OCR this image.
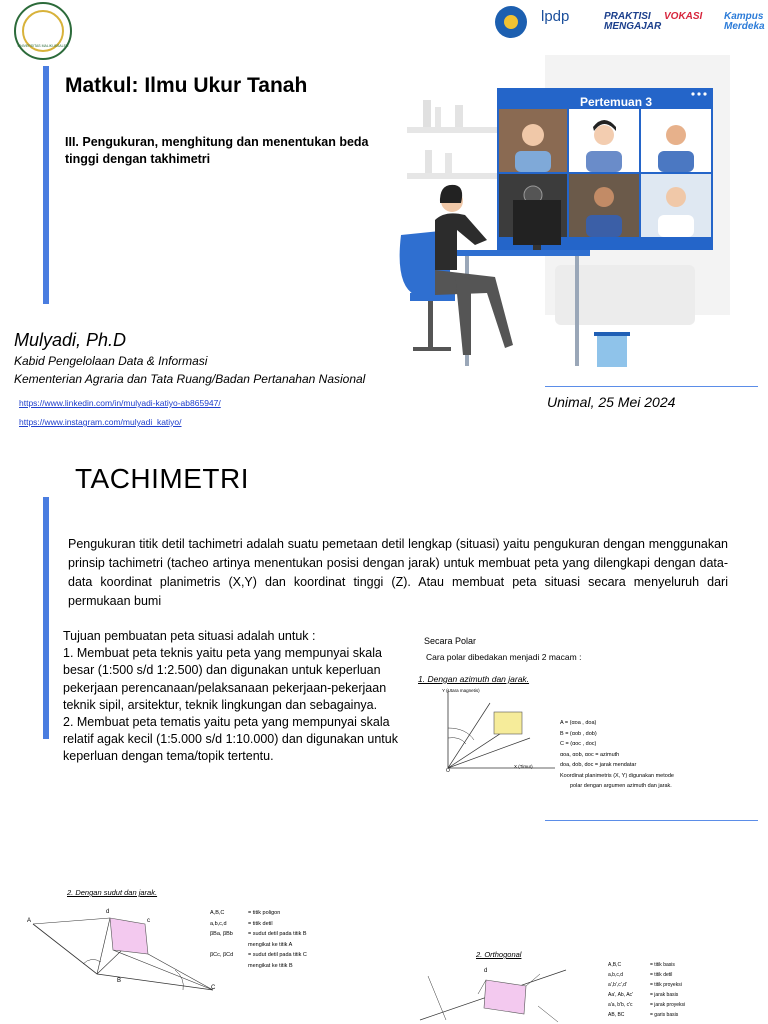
UNIVERSITAS MALIKUSSALEH
lpdp	PRAKTISI MENGAJAR
VOKASI	Kampus Merdeka
Matkul: Ilmu Ukur Tanah
III. Pengukuran, menghitung dan menentukan beda tinggi dengan takhimetri
Pertemuan 3
Mulyadi, Ph.D
Kabid Pengelolaan Data & Informasi
Kementerian Agraria dan Tata Ruang/Badan Pertanahan Nasional
https://www.linkedin.com/in/mulyadi-katiyo-ab865947/
https://www.instagram.com/mulyadi_katiyo/
Unimal, 25 Mei 2024
TACHIMETRI
Pengukuran titik detil tachimetri adalah suatu pemetaan detil lengkap (situasi) yaitu pengukuran dengan menggunakan prinsip tachimetri (tacheo artinya menentukan posisi dengan jarak) untuk membuat peta yang dilengkapi dengan data-data koordinat planimetris (X,Y) dan koordinat tinggi (Z). Atau membuat peta situasi secara menyeluruh dari permukaan bumi
Tujuan pembuatan peta situasi adalah untuk :
1. Membuat peta teknis yaitu peta yang mempunyai skala besar (1:500 s/d 1:2.500) dan digunakan untuk keperluan pekerjaan perencanaan/pelaksanaan pekerjaan-pekerjaan teknik sipil, arsitektur, teknik lingkungan dan sebagainya.
2. Membuat peta tematis yaitu peta yang mempunyai skala relatif agak kecil (1:5.000 s/d 1:10.000) dan digunakan untuk keperluan dengan tema/topik tertentu.
Secara Polar
Cara polar dibedakan menjadi 2 macam :
1. Dengan azimuth dan jarak.
Y (Utara magnetis)
X (Timur)
O
A = (αoa , doa)
B = (αob , dob)
C = (αoc , doc)
αoa, αob, αoc = azimuth
doa, dob, doc = jarak mendatar
Koordinat planimetris (X, Y) digunakan metode
polar dengan argumen azimuth dan jarak.
2. Dengan sudut dan jarak.
A
B
C
d
c
A,B,C	= titik poligon
a,b,c,d	= titik detil
βBa, βBb	= sudut detil pada titik B mengikat ke titik A
βCc, βCd	= sudut detil pada titik C mengikat ke titik B
2. Orthogonal
d
A,B,C	= titik basis
a,b,c,d	= titik detil
a',b',c',d'	= titik proyeksi
Aa', Ab, Ac'	= jarak basis
a'a, b'b, c'c	= jarak proyeksi
AB, BC	= garis basis
